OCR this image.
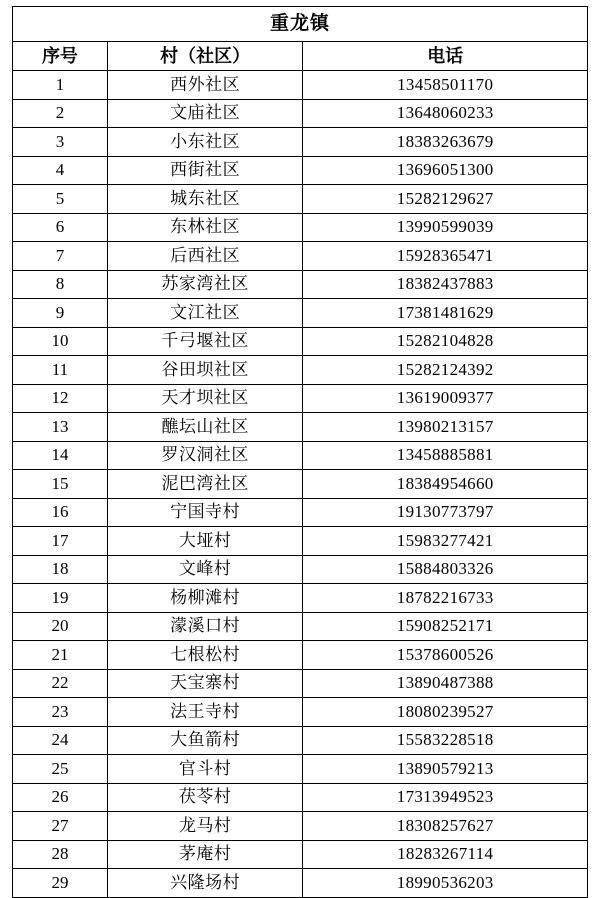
重龙镇		
序号	村（社区）	电话
1	西外社区	13458501170
2	文庙社区	13648060233
3	小东社区	18383263679
4	西街社区	13696051300
5	城东社区	15282129627
6	东林社区	13990599039
7	后西社区	15928365471
8	苏家湾社区	18382437883
9	文江社区	17381481629
10	千弓堰社区	15282104828
11	谷田坝社区	15282124392
12	天才坝社区	13619009377
13	醮坛山社区	13980213157
14	罗汉洞社区	13458885881
15	泥巴湾社区	18384954660
16	宁国寺村	19130773797
17	大垭村	15983277421
18	文峰村	15884803326
19	杨柳滩村	18782216733
20	濛溪口村	15908252171
21	七根松村	15378600526
22	天宝寨村	13890487388
23	法王寺村	18080239527
24	大鱼箭村	15583228518
25	官斗村	13890579213
26	茯苓村	17313949523
27	龙马村	18308257627
28	茅庵村	18283267114
29	兴隆场村	18990536203
